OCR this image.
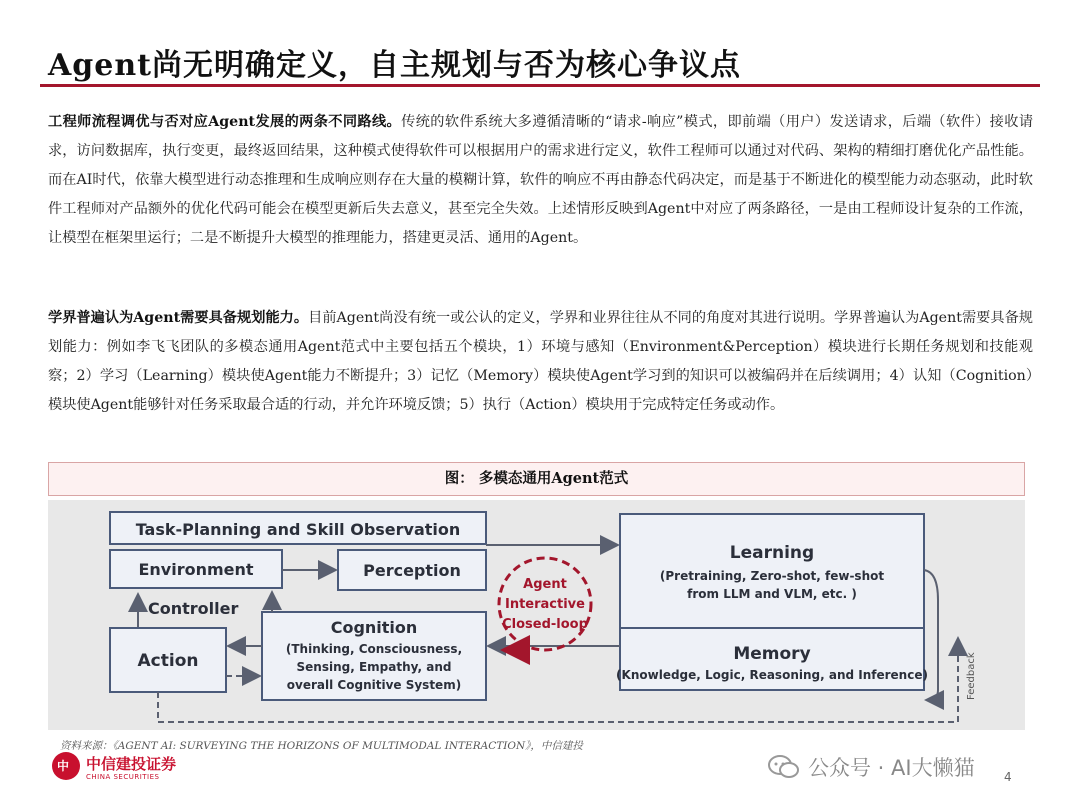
Agent尚无明确定义，自主规划与否为核心争议点
工程师流程调优与否对应Agent发展的两条不同路线。传统的软件系统大多遵循清晰的“请求-响应”模式，即前端（用户）发送请求，后端（软件）接收请求，访问数据库，执行变更，最终返回结果，这种模式使得软件可以根据用户的需求进行定义，软件工程师可以通过对代码、架构的精细打磨优化产品性能。而在AI时代，依靠大模型进行动态推理和生成响应则存在大量的模糊计算，软件的响应不再由静态代码决定，而是基于不断进化的模型能力动态驱动，此时软件工程师对产品额外的优化代码可能会在模型更新后失去意义，甚至完全失效。上述情形反映到Agent中对应了两条路径，一是由工程师设计复杂的工作流，让模型在框架里运行；二是不断提升大模型的推理能力，搭建更灵活、通用的Agent。
学界普遍认为Agent需要具备规划能力。目前Agent尚没有统一或公认的定义，学界和业界往往从不同的角度对其进行说明。学界普遍认为Agent需要具备规划能力：例如李飞飞团队的多模态通用Agent范式中主要包括五个模块，1）环境与感知（Environment&Perception）模块进行长期任务规划和技能观察；2）学习（Learning）模块使Agent能力不断提升；3）记忆（Memory）模块使Agent学习到的知识可以被编码并在后续调用；4）认知（Cognition）模块使Agent能够针对任务采取最合适的行动，并允许环境反馈；5）执行（Action）模块用于完成特定任务或动作。
图： 多模态通用Agent范式
Task-Planning and Skill Observation
Environment	Perception
Controller
Action
Cognition
(Thinking, Consciousness,
Sensing, Empathy, and
overall Cognitive System)
Learning
(Pretraining, Zero-shot, few-shot
from LLM and VLM, etc. )
Memory
(Knowledge, Logic, Reasoning, and Inference)
Agent
Interactive
Closed-loop
Feedback
资料来源：《AGENT AI: SURVEYING THE HORIZONS OF MULTIMODAL INTERACTION》，中信建投
中 中信建投证券
CHINA SECURITIES	公众号 · AI大懒猫 4
